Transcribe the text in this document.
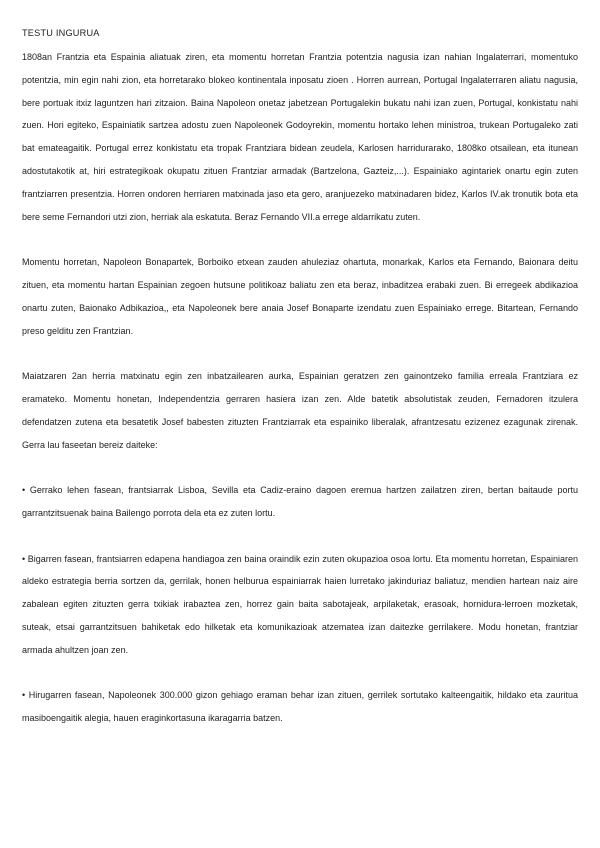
TESTU INGURUA

1808an Frantzia eta Espainia aliatuak ziren, eta momentu horretan Frantzia potentzia nagusia izan nahian Ingalaterrari, momentuko potentzia, min egin nahi zion, eta horretarako blokeo kontinentala inposatu zioen . Horren aurrean, Portugal Ingalaterraren aliatu nagusia, bere portuak itxiz laguntzen hari zitzaion. Baina Napoleon onetaz jabetzean Portugalekin bukatu nahi izan zuen, Portugal, konkistatu nahi zuen. Hori egiteko, Espainiatik sartzea adostu zuen Napoleonek Godoyrekin, momentu hortako lehen ministroa, trukean Portugaleko zati bat emateagaitik. Portugal errez konkistatu eta tropak Frantziara bidean zeudela, Karlosen harridurarako, 1808ko otsailean, eta itunean adostutakotik at, hiri estrategikoak okupatu zituen Frantziar armadak (Bartzelona, Gazteiz,...). Espainiako agintariek onartu egin zuten frantziarren presentzia. Horren ondoren herriaren matxinada jaso eta gero, aranjuezeko matxinadaren bidez, Karlos IV.ak tronutik bota eta bere seme Fernandori utzi zion, herriak ala eskatuta. Beraz Fernando VII.a errege aldarrikatu zuten.

Momentu horretan, Napoleon Bonapartek, Borboiko etxean zauden ahuleziaz ohartuta, monarkak, Karlos eta Fernando, Baionara deitu zituen, eta momentu hartan Espainian zegoen hutsune politikoaz baliatu zen eta beraz, inbaditzea erabaki zuen. Bi erregeek abdikazioa onartu zuten, Baionako Adbikazioa,, eta Napoleonek bere anaia Josef Bonaparte izendatu zuen Espainiako errege. Bitartean, Fernando preso gelditu zen Frantzian.

Maiatzaren 2an herria matxinatu egin zen inbatzailearen aurka, Espainian geratzen zen gainontzeko familia erreala Frantziara ez eramateko. Momentu honetan, Independentzia gerraren hasiera izan zen. Alde batetik absolutistak zeuden, Fernadoren itzulera defendatzen zutena eta besatetik Josef babesten zituzten Frantziarrak eta espainiko liberalak, afrantzesatu ezizenez ezagunak zirenak. Gerra lau faseetan bereiz daiteke:

• Gerrako lehen fasean, frantsiarrak Lisboa, Sevilla eta Cadiz-eraino dagoen eremua hartzen zailatzen ziren, bertan baitaude portu garrantzitsuenak baina Bailengo porrota dela eta ez zuten lortu.

• Bigarren fasean, frantsiarren edapena handiagoa zen baina oraindik ezin zuten okupazioa osoa lortu. Eta momentu horretan, Espainiaren aldeko estrategia berria sortzen da, gerrilak, honen helburua espainiarrak haien lurretako jakinduriaz baliatuz, mendien hartean naiz aire zabalean egiten zituzten gerra txikiak irabaztea zen, horrez gain baita sabotajeak, arpilaketak, erasoak, hornidura-lerroen mozketak, suteak, etsai garrantzitsuen bahiketak edo hilketak eta komunikazioak atzematea izan daitezke gerrilakere. Modu honetan, frantziar armada ahultzen joan zen.

• Hirugarren fasean, Napoleonek 300.000 gizon gehiago eraman behar izan zituen, gerrilek sortutako kalteengaitik, hildako eta zauritua masiboengaitik alegia, hauen eraginkortasuna ikaragarria batzen.
